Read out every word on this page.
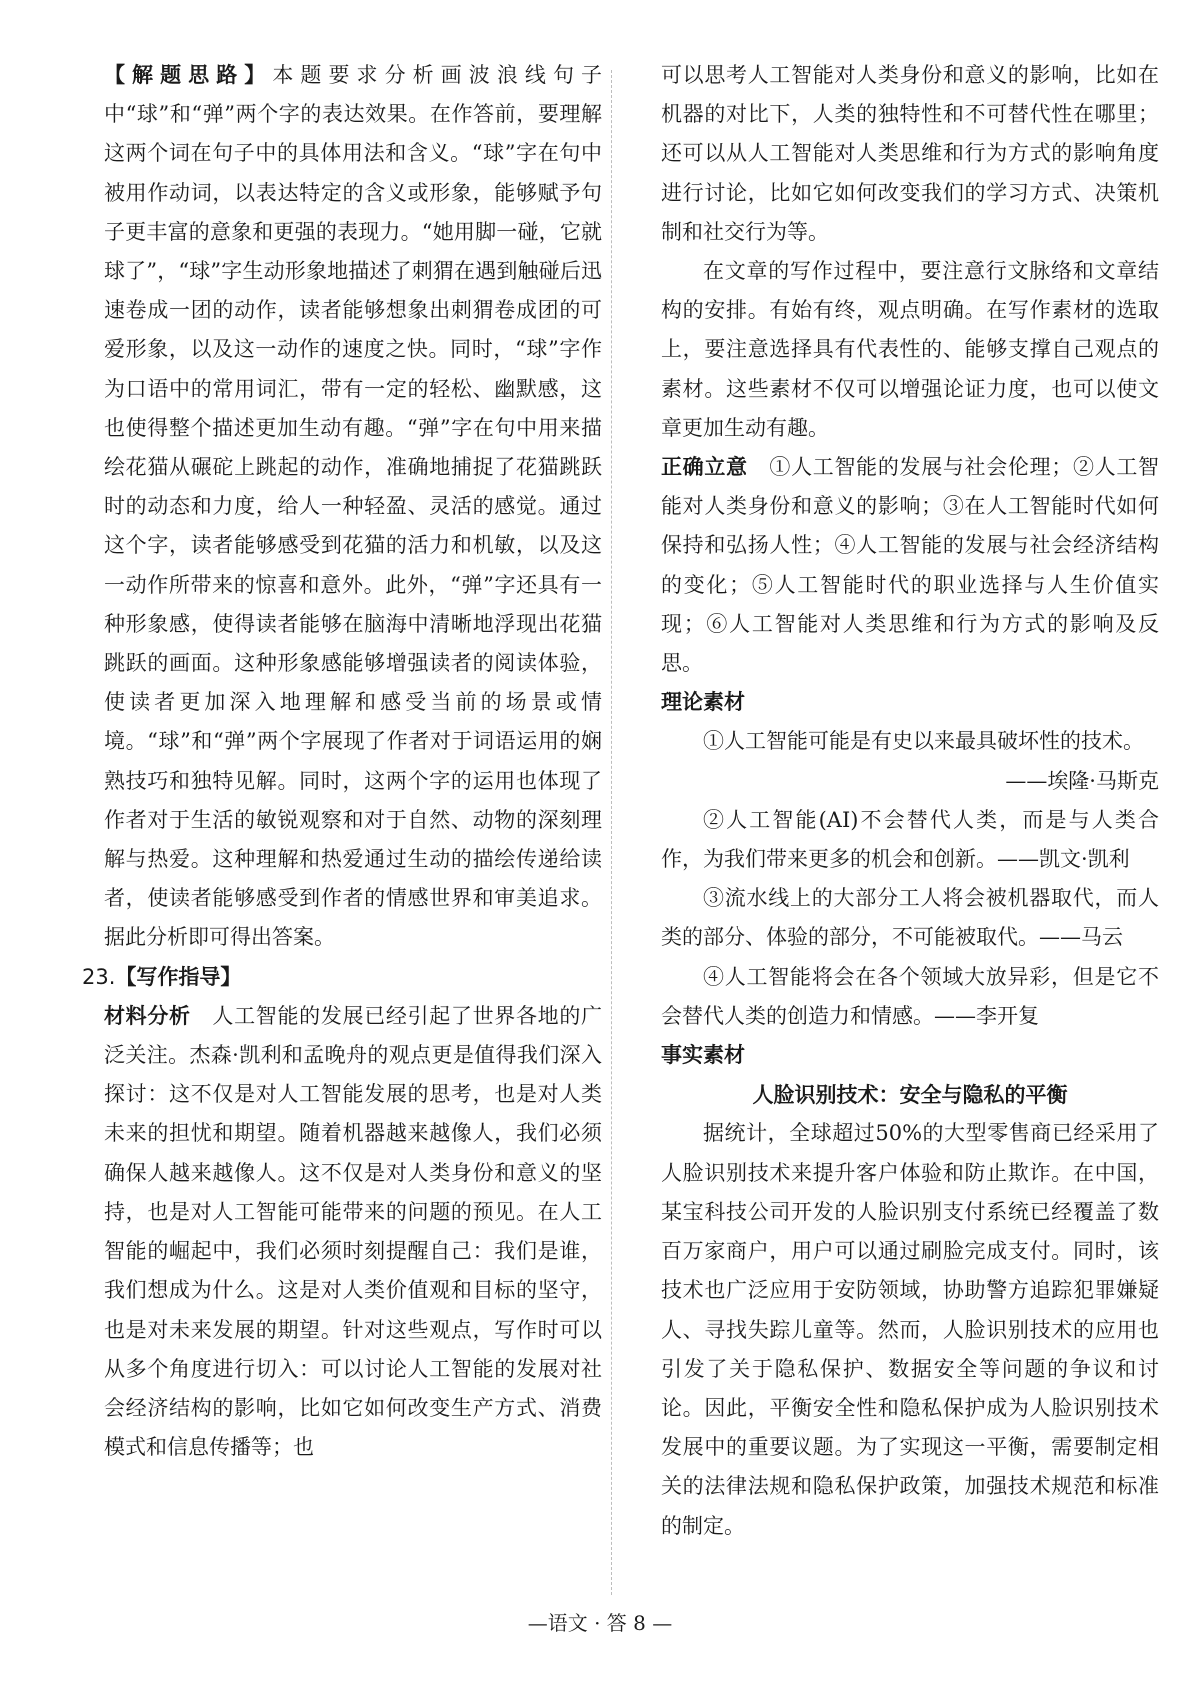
【解题思路】本题要求分析画波浪线句子中“球”和“弹”两个字的表达效果。在作答前，要理解这两个词在句子中的具体用法和含义。“球”字在句中被用作动词，以表达特定的含义或形象，能够赋予句子更丰富的意象和更强的表现力。“她用脚一碰，它就球了”，“球”字生动形象地描述了刺猬在遇到触碰后迅速卷成一团的动作，读者能够想象出刺猬卷成团的可爱形象，以及这一动作的速度之快。同时，“球”字作为口语中的常用词汇，带有一定的轻松、幽默感，这也使得整个描述更加生动有趣。“弹”字在句中用来描绘花猫从碾砣上跳起的动作，准确地捕捉了花猫跳跃时的动态和力度，给人一种轻盈、灵活的感觉。通过这个字，读者能够感受到花猫的活力和机敏，以及这一动作所带来的惊喜和意外。此外，“弹”字还具有一种形象感，使得读者能够在脑海中清晰地浮现出花猫跳跃的画面。这种形象感能够增强读者的阅读体验，使读者更加深入地理解和感受当前的场景或情境。“球”和“弹”两个字展现了作者对于词语运用的娴熟技巧和独特见解。同时，这两个字的运用也体现了作者对于生活的敏锐观察和对于自然、动物的深刻理解与热爱。这种理解和热爱通过生动的描绘传递给读者，使读者能够感受到作者的情感世界和审美追求。据此分析即可得出答案。

23.【写作指导】

材料分析 人工智能的发展已经引起了世界各地的广泛关注。杰森·凯利和孟晚舟的观点更是值得我们深入探讨：这不仅是对人工智能发展的思考，也是对人类未来的担忧和期望。随着机器越来越像人，我们必须确保人越来越像人。这不仅是对人类身份和意义的坚持，也是对人工智能可能带来的问题的预见。在人工智能的崛起中，我们必须时刻提醒自己：我们是谁，我们想成为什么。这是对人类价值观和目标的坚守，也是对未来发展的期望。针对这些观点，写作时可以从多个角度进行切入：可以讨论人工智能的发展对社会经济结构的影响，比如它如何改变生产方式、消费模式和信息传播等；也

可以思考人工智能对人类身份和意义的影响，比如在机器的对比下，人类的独特性和不可替代性在哪里；还可以从人工智能对人类思维和行为方式的影响角度进行讨论，比如它如何改变我们的学习方式、决策机制和社交行为等。

在文章的写作过程中，要注意行文脉络和文章结构的安排。有始有终，观点明确。在写作素材的选取上，要注意选择具有代表性的、能够支撑自己观点的素材。这些素材不仅可以增强论证力度，也可以使文章更加生动有趣。

正确立意 ①人工智能的发展与社会伦理；②人工智能对人类身份和意义的影响；③在人工智能时代如何保持和弘扬人性；④人工智能的发展与社会经济结构的变化；⑤人工智能时代的职业选择与人生价值实现；⑥人工智能对人类思维和行为方式的影响及反思。

理论素材

①人工智能可能是有史以来最具破坏性的技术。

——埃隆·马斯克

②人工智能(AI)不会替代人类，而是与人类合作，为我们带来更多的机会和创新。——凯文·凯利

③流水线上的大部分工人将会被机器取代，而人类的部分、体验的部分，不可能被取代。——马云

④人工智能将会在各个领域大放异彩，但是它不会替代人类的创造力和情感。——李开复

事实素材

人脸识别技术：安全与隐私的平衡

据统计，全球超过50%的大型零售商已经采用了人脸识别技术来提升客户体验和防止欺诈。在中国，某宝科技公司开发的人脸识别支付系统已经覆盖了数百万家商户，用户可以通过刷脸完成支付。同时，该技术也广泛应用于安防领域，协助警方追踪犯罪嫌疑人、寻找失踪儿童等。然而，人脸识别技术的应用也引发了关于隐私保护、数据安全等问题的争议和讨论。因此，平衡安全性和隐私保护成为人脸识别技术发展中的重要议题。为了实现这一平衡，需要制定相关的法律法规和隐私保护政策，加强技术规范和标准的制定。

—语文 · 答 8 —
